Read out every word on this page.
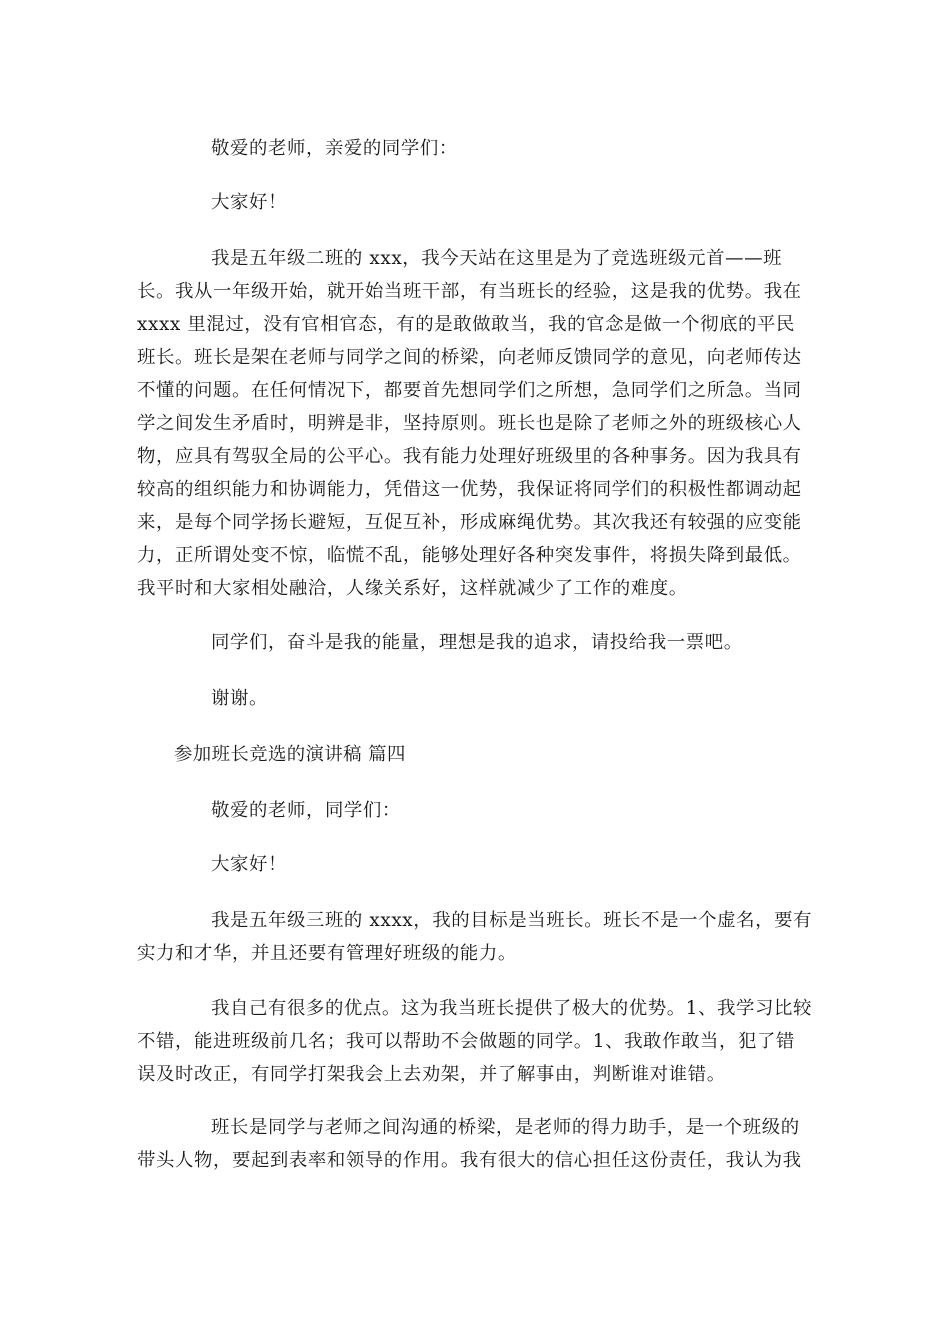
敬爱的老师，亲爱的同学们：

大家好！

我是五年级二班的 xxx，我今天站在这里是为了竞选班级元首——班长。我从一年级开始，就开始当班干部，有当班长的经验，这是我的优势。我在 xxxx 里混过，没有官相官态，有的是敢做敢当，我的官念是做一个彻底的平民班长。班长是架在老师与同学之间的桥梁，向老师反馈同学的意见，向老师传达不懂的问题。在任何情况下，都要首先想同学们之所想，急同学们之所急。当同学之间发生矛盾时，明辨是非，坚持原则。班长也是除了老师之外的班级核心人物，应具有驾驭全局的公平心。我有能力处理好班级里的各种事务。因为我具有较高的组织能力和协调能力，凭借这一优势，我保证将同学们的积极性都调动起来，是每个同学扬长避短，互促互补，形成麻绳优势。其次我还有较强的应变能力，正所谓处变不惊，临慌不乱，能够处理好各种突发事件，将损失降到最低。我平时和大家相处融洽，人缘关系好，这样就减少了工作的难度。

同学们，奋斗是我的能量，理想是我的追求，请投给我一票吧。

谢谢。

参加班长竞选的演讲稿 篇四

敬爱的老师，同学们：

大家好！

我是五年级三班的 xxxx，我的目标是当班长。班长不是一个虚名，要有实力和才华，并且还要有管理好班级的能力。

我自己有很多的优点。这为我当班长提供了极大的优势。1、我学习比较不错，能进班级前几名；我可以帮助不会做题的同学。1、我敢作敢当，犯了错误及时改正，有同学打架我会上去劝架，并了解事由，判断谁对谁错。

班长是同学与老师之间沟通的桥梁，是老师的得力助手，是一个班级的带头人物，要起到表率和领导的作用。我有很大的信心担任这份责任，我认为我
